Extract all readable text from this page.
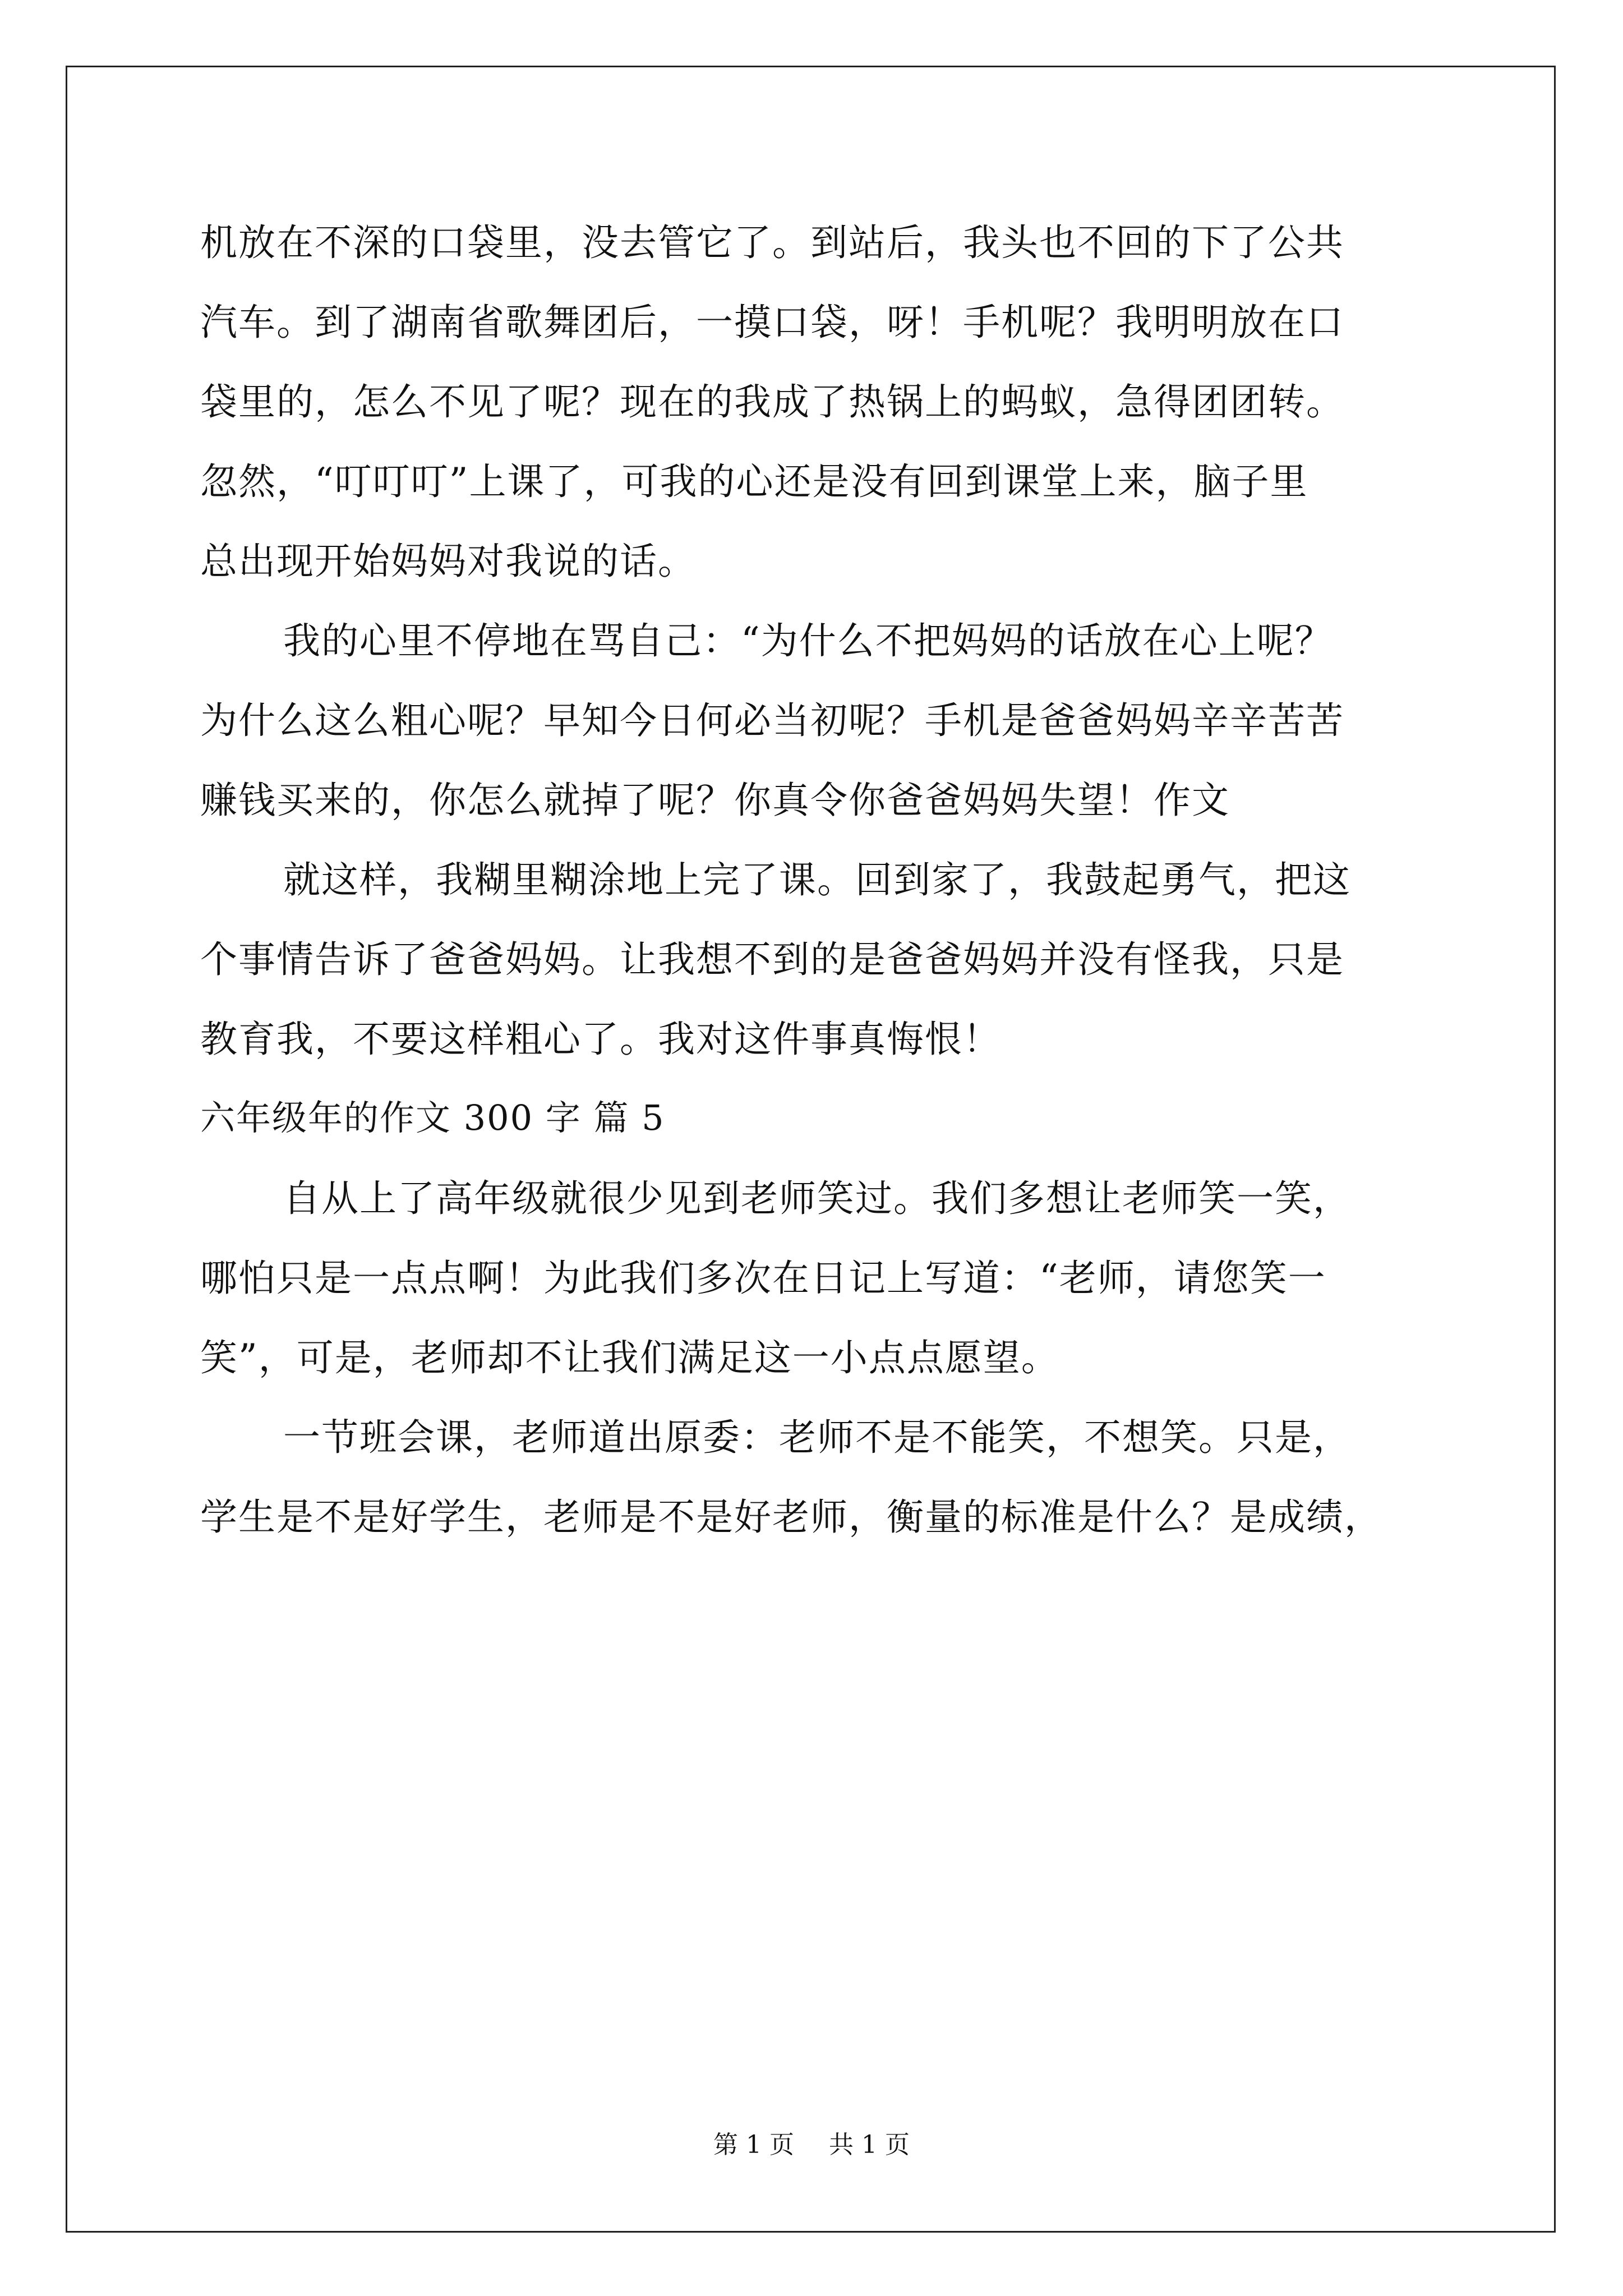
机放在不深的口袋里，没去管它了。到站后，我头也不回的下了公共
汽车。到了湖南省歌舞团后，一摸口袋，呀！手机呢？我明明放在口
袋里的，怎么不见了呢？现在的我成了热锅上的蚂蚁，急得团团转。
忽然，“叮叮叮”上课了，可我的心还是没有回到课堂上来，脑子里
总出现开始妈妈对我说的话。
我的心里不停地在骂自己：“为什么不把妈妈的话放在心上呢？
为什么这么粗心呢？早知今日何必当初呢？手机是爸爸妈妈辛辛苦苦
赚钱买来的，你怎么就掉了呢？你真令你爸爸妈妈失望！作文
就这样，我糊里糊涂地上完了课。回到家了，我鼓起勇气，把这
个事情告诉了爸爸妈妈。让我想不到的是爸爸妈妈并没有怪我，只是
教育我，不要这样粗心了。我对这件事真悔恨！
六年级年的作文 300 字 篇 5
自从上了高年级就很少见到老师笑过。我们多想让老师笑一笑，
哪怕只是一点点啊！为此我们多次在日记上写道：“老师，请您笑一
笑”，可是，老师却不让我们满足这一小点点愿望。
一节班会课，老师道出原委：老师不是不能笑，不想笑。只是，
学生是不是好学生，老师是不是好老师，衡量的标准是什么？是成绩，
第 1 页 共 1 页
